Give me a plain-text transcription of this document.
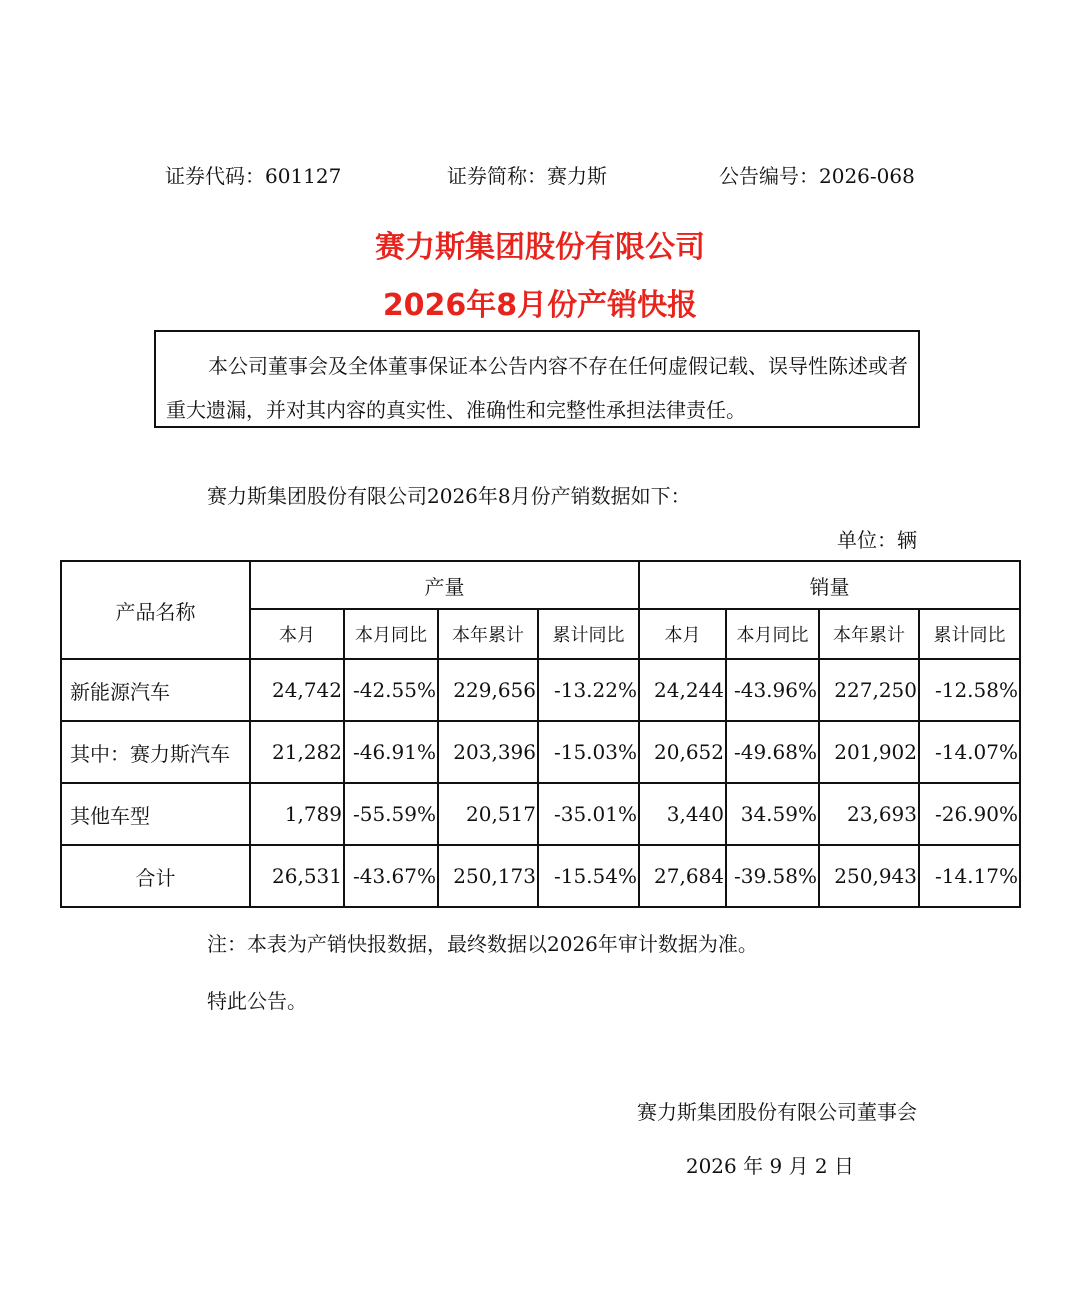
证券代码：601127	证券简称：赛力斯	公告编号：2026-068
赛力斯集团股份有限公司
2026年8月份产销快报
本公司董事会及全体董事保证本公告内容不存在任何虚假记载、误导性陈述或者重大遗漏，并对其内容的真实性、准确性和完整性承担法律责任。
赛力斯集团股份有限公司2026年8月份产销数据如下：
单位：辆
产品名称	产量				销量			
	本月	本月同比	本年累计	累计同比	本月	本月同比	本年累计	累计同比
新能源汽车	24,742	-42.55%	229,656	-13.22%	24,244	-43.96%	227,250	-12.58%
其中：赛力斯汽车	21,282	-46.91%	203,396	-15.03%	20,652	-49.68%	201,902	-14.07%
其他车型	1,789	-55.59%	20,517	-35.01%	3,440	34.59%	23,693	-26.90%
合计	26,531	-43.67%	250,173	-15.54%	27,684	-39.58%	250,943	-14.17%
注：本表为产销快报数据，最终数据以2026年审计数据为准。
特此公告。
赛力斯集团股份有限公司董事会
2026 年 9 月 2 日
